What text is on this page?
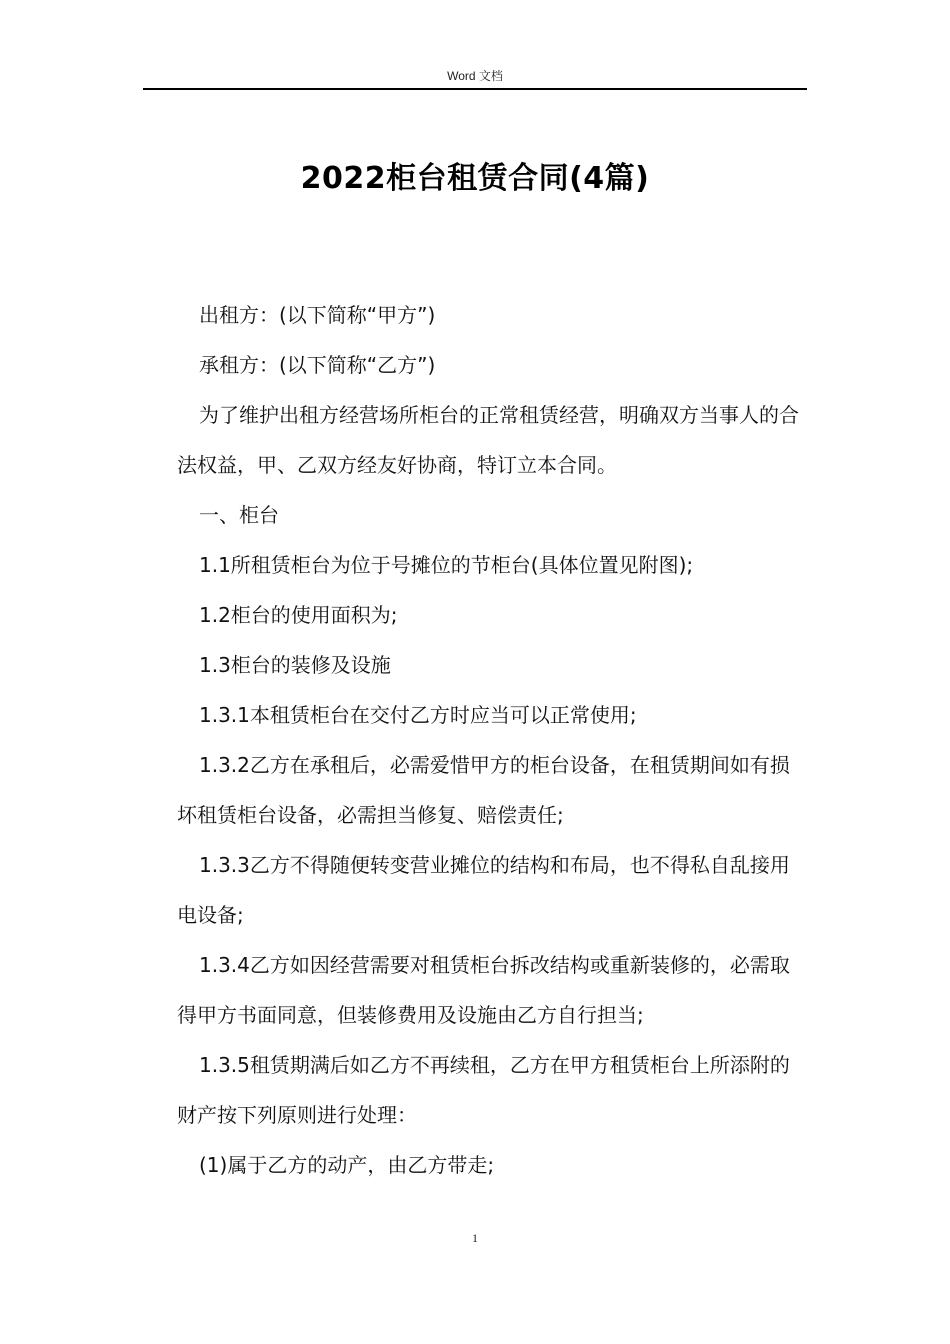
Word 文档
2022柜台租赁合同(4篇)

出租方：(以下简称“甲方”)

承租方：(以下简称“乙方”)

为了维护出租方经营场所柜台的正常租赁经营，明确双方当事人的合法权益，甲、乙双方经友好协商，特订立本合同。

一、柜台

1.1所租赁柜台为位于号摊位的节柜台(具体位置见附图);

1.2柜台的使用面积为;

1.3柜台的装修及设施

1.3.1本租赁柜台在交付乙方时应当可以正常使用;

1.3.2乙方在承租后，必需爱惜甲方的柜台设备，在租赁期间如有损坏租赁柜台设备，必需担当修复、赔偿责任;

1.3.3乙方不得随便转变营业摊位的结构和布局，也不得私自乱接用电设备;

1.3.4乙方如因经营需要对租赁柜台拆改结构或重新装修的，必需取得甲方书面同意，但装修费用及设施由乙方自行担当;

1.3.5租赁期满后如乙方不再续租，乙方在甲方租赁柜台上所添附的财产按下列原则进行处理：

(1)属于乙方的动产，由乙方带走;

1
